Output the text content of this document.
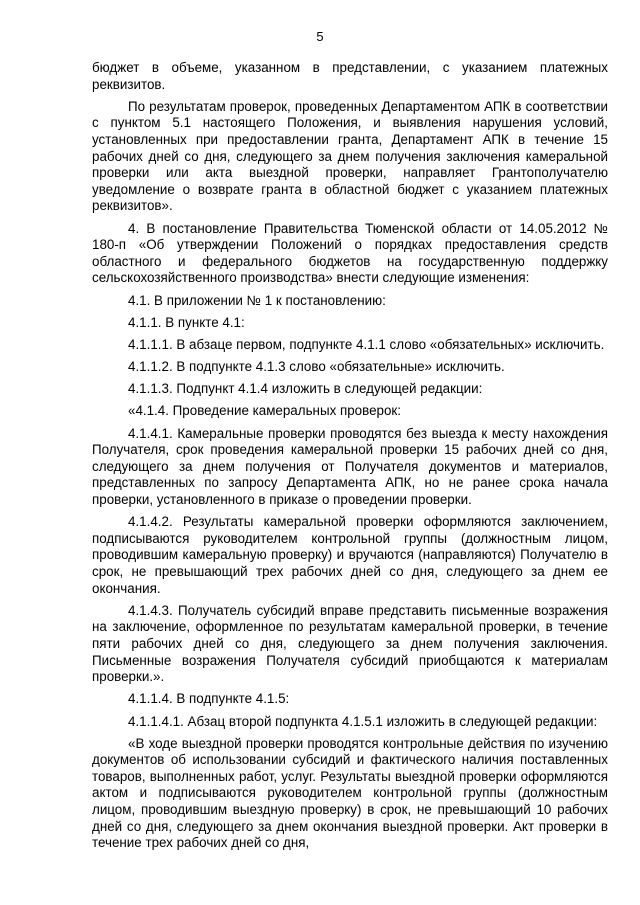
5

бюджет в объеме, указанном в представлении, с указанием платежных реквизитов.

По результатам проверок, проведенных Департаментом АПК в соответствии с пунктом 5.1 настоящего Положения, и выявления нарушения условий, установленных при предоставлении гранта, Департамент АПК в течение 15 рабочих дней со дня, следующего за днем получения заключения камеральной проверки или акта выездной проверки, направляет Грантополучателю уведомление о возврате гранта в областной бюджет с указанием платежных реквизитов».

4. В постановление Правительства Тюменской области от 14.05.2012 № 180-п «Об утверждении Положений о порядках предоставления средств областного и федерального бюджетов на государственную поддержку сельскохозяйственного производства» внести следующие изменения:

4.1. В приложении № 1 к постановлению:

4.1.1. В пункте 4.1:

4.1.1.1. В абзаце первом, подпункте 4.1.1 слово «обязательных» исключить.

4.1.1.2. В подпункте 4.1.3 слово «обязательные» исключить.

4.1.1.3. Подпункт 4.1.4 изложить в следующей редакции:

«4.1.4. Проведение камеральных проверок:

4.1.4.1. Камеральные проверки проводятся без выезда к месту нахождения Получателя, срок проведения камеральной проверки 15 рабочих дней со дня, следующего за днем получения от Получателя документов и материалов, представленных по запросу Департамента АПК, но не ранее срока начала проверки, установленного в приказе о проведении проверки.

4.1.4.2. Результаты камеральной проверки оформляются заключением, подписываются руководителем контрольной группы (должностным лицом, проводившим камеральную проверку) и вручаются (направляются) Получателю в срок, не превышающий трех рабочих дней со дня, следующего за днем ее окончания.

4.1.4.3. Получатель субсидий вправе представить письменные возражения на заключение, оформленное по результатам камеральной проверки, в течение пяти рабочих дней со дня, следующего за днем получения заключения. Письменные возражения Получателя субсидий приобщаются к материалам проверки.».

4.1.1.4. В подпункте 4.1.5:

4.1.1.4.1. Абзац второй подпункта 4.1.5.1 изложить в следующей редакции:

«В ходе выездной проверки проводятся контрольные действия по изучению документов об использовании субсидий и фактического наличия поставленных товаров, выполненных работ, услуг. Результаты выездной проверки оформляются актом и подписываются руководителем контрольной группы (должностным лицом, проводившим выездную проверку) в срок, не превышающий 10 рабочих дней со дня, следующего за днем окончания выездной проверки. Акт проверки в течение трех рабочих дней со дня,
